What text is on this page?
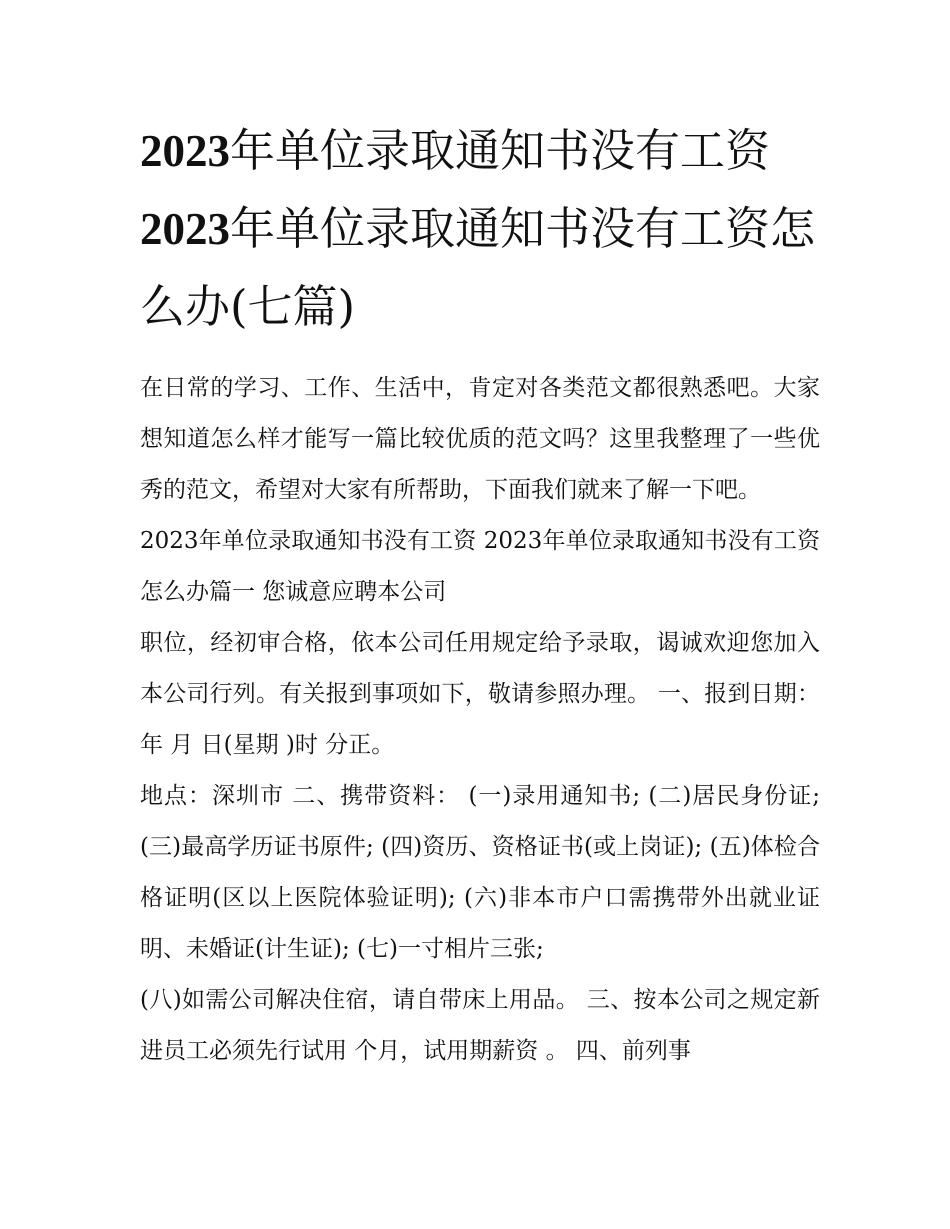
2023年单位录取通知书没有工资2023年单位录取通知书没有工资怎么办(七篇)

在日常的学习、工作、生活中，肯定对各类范文都很熟悉吧。大家想知道怎么样才能写一篇比较优质的范文吗？这里我整理了一些优秀的范文，希望对大家有所帮助，下面我们就来了解一下吧。

2023年单位录取通知书没有工资 2023年单位录取通知书没有工资怎么办篇一 您诚意应聘本公司

职位，经初审合格，依本公司任用规定给予录取，谒诚欢迎您加入本公司行列。有关报到事项如下，敬请参照办理。 一、报到日期： 年 月 日(星期 )时 分正。

地点：深圳市 二、携带资料： (一)录用通知书; (二)居民身份证; (三)最高学历证书原件; (四)资历、资格证书(或上岗证); (五)体检合格证明(区以上医院体验证明); (六)非本市户口需携带外出就业证明、未婚证(计生证); (七)一寸相片三张;

(八)如需公司解决住宿，请自带床上用品。 三、按本公司之规定新进员工必须先行试用 个月，试用期薪资 。 四、前列事
